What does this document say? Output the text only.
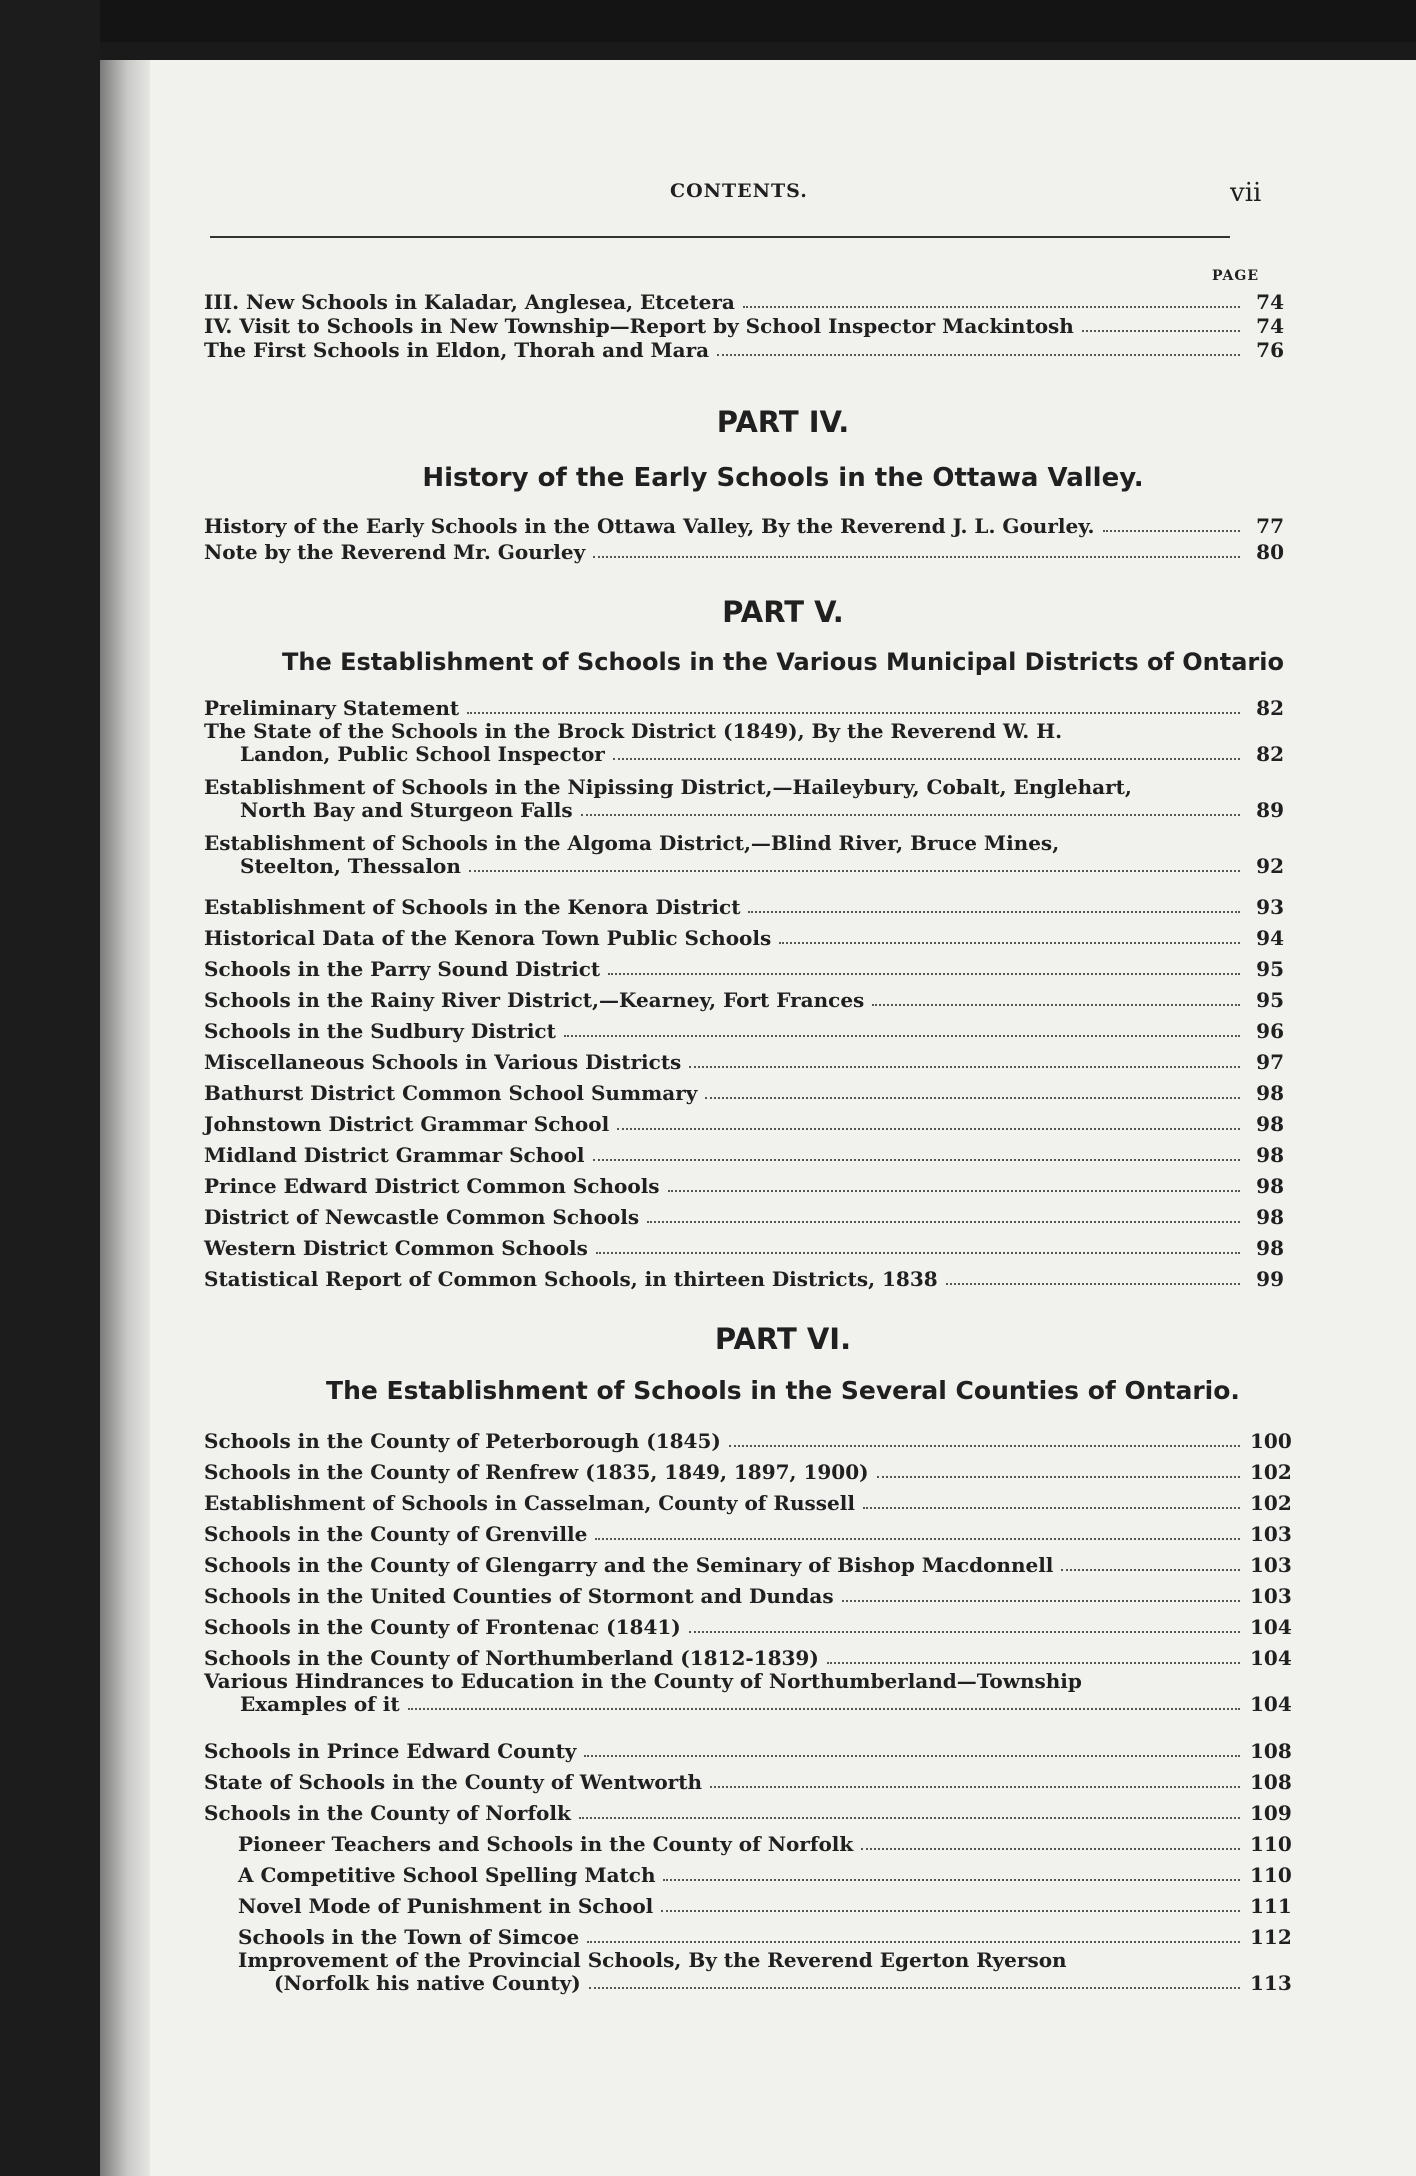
CONTENTS.	vii
PAGE
III. New Schools in Kaladar, Anglesea, Etcetera	74
IV. Visit to Schools in New Township—Report by School Inspector Mackintosh	74
The First Schools in Eldon, Thorah and Mara	76
PART IV.
History of the Early Schools in the Ottawa Valley.
History of the Early Schools in the Ottawa Valley, By the Reverend J. L. Gourley.	77
Note by the Reverend Mr. Gourley	80
PART V.
The Establishment of Schools in the Various Municipal Districts of Ontario
Preliminary Statement	82
The State of the Schools in the Brock District (1849), By the Reverend W. H.
Landon, Public School Inspector	82
Establishment of Schools in the Nipissing District,—Haileybury, Cobalt, Englehart,
North Bay and Sturgeon Falls	89
Establishment of Schools in the Algoma District,—Blind River, Bruce Mines,
Steelton, Thessalon	92
Establishment of Schools in the Kenora District	93
Historical Data of the Kenora Town Public Schools	94
Schools in the Parry Sound District	95
Schools in the Rainy River District,—Kearney, Fort Frances	95
Schools in the Sudbury District	96
Miscellaneous Schools in Various Districts	97
Bathurst District Common School Summary	98
Johnstown District Grammar School	98
Midland District Grammar School	98
Prince Edward District Common Schools	98
District of Newcastle Common Schools	98
Western District Common Schools	98
Statistical Report of Common Schools, in thirteen Districts, 1838	99
PART VI.
The Establishment of Schools in the Several Counties of Ontario.
Schools in the County of Peterborough (1845)	100
Schools in the County of Renfrew (1835, 1849, 1897, 1900)	102
Establishment of Schools in Casselman, County of Russell	102
Schools in the County of Grenville	103
Schools in the County of Glengarry and the Seminary of Bishop Macdonnell	103
Schools in the United Counties of Stormont and Dundas	103
Schools in the County of Frontenac (1841)	104
Schools in the County of Northumberland (1812-1839)	104
Various Hindrances to Education in the County of Northumberland—Township
Examples of it	104
Schools in Prince Edward County	108
State of Schools in the County of Wentworth	108
Schools in the County of Norfolk	109
Pioneer Teachers and Schools in the County of Norfolk	110
A Competitive School Spelling Match	110
Novel Mode of Punishment in School	111
Schools in the Town of Simcoe	112
Improvement of the Provincial Schools, By the Reverend Egerton Ryerson
(Norfolk his native County)	113
